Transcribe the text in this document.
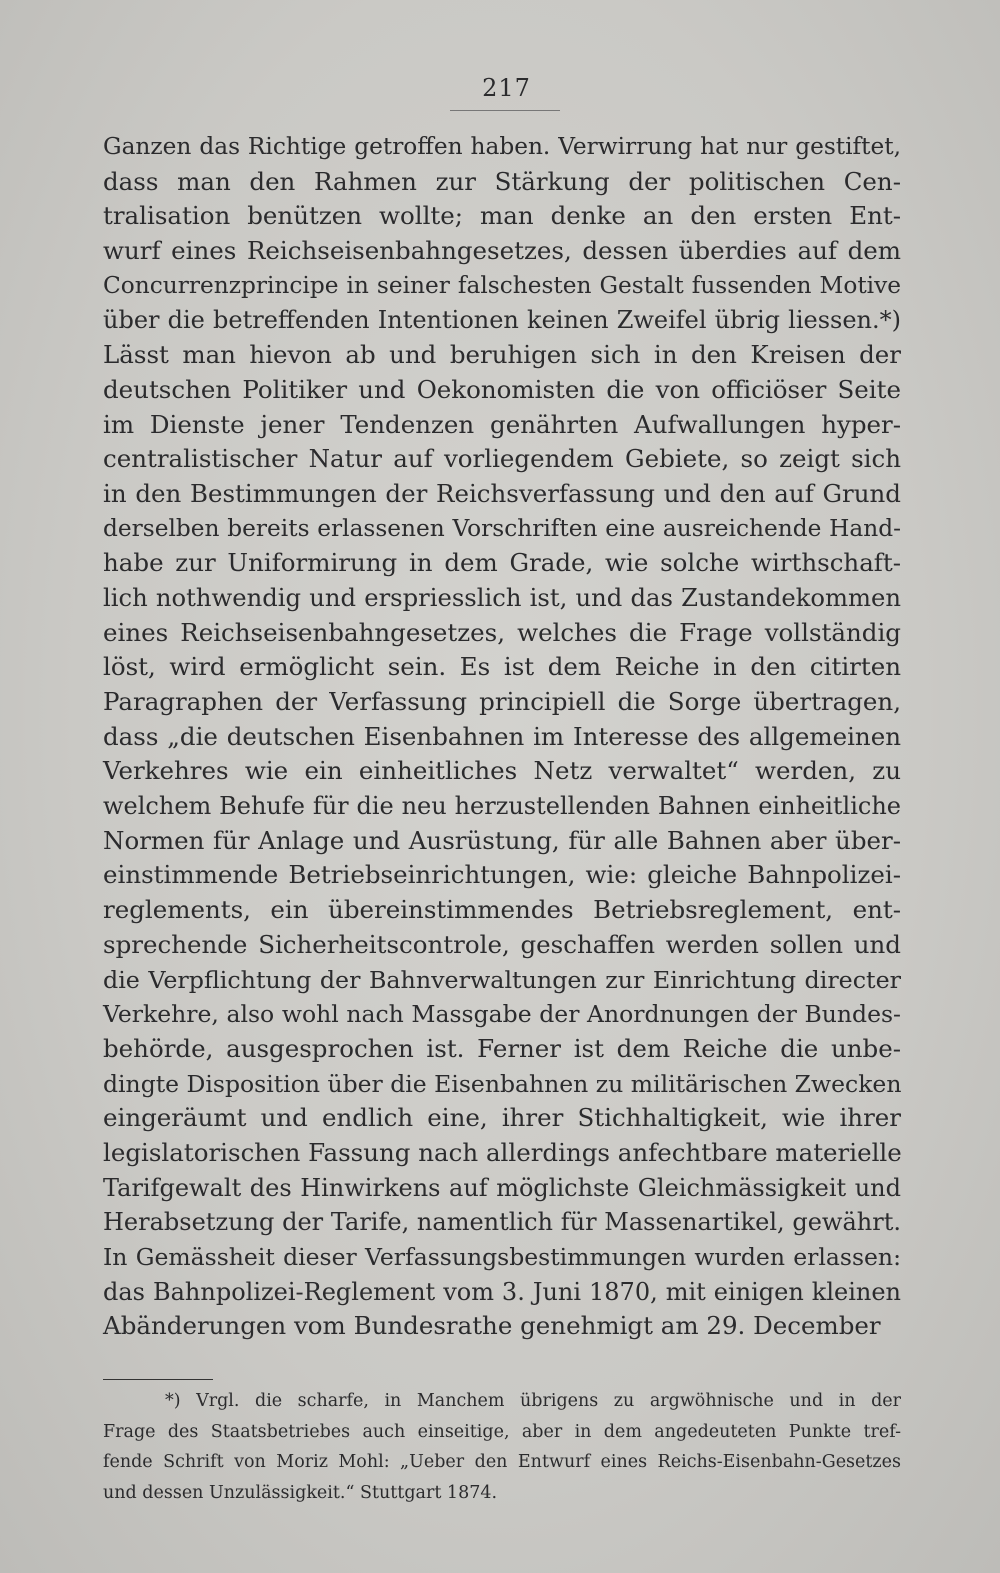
217
Ganzen das Richtige getroffen haben. Verwirrung hat nur gestiftet,
dass man den Rahmen zur Stärkung der politischen Cen-
tralisation benützen wollte; man denke an den ersten Ent-
wurf eines Reichseisenbahngesetzes, dessen überdies auf dem
Concurrenzprincipe in seiner falschesten Gestalt fussenden Motive
über die betreffenden Intentionen keinen Zweifel übrig liessen.*)
Lässt man hievon ab und beruhigen sich in den Kreisen der
deutschen Politiker und Oekonomisten die von officiöser Seite
im Dienste jener Tendenzen genährten Aufwallungen hyper-
centralistischer Natur auf vorliegendem Gebiete, so zeigt sich
in den Bestimmungen der Reichsverfassung und den auf Grund
derselben bereits erlassenen Vorschriften eine ausreichende Hand-
habe zur Uniformirung in dem Grade, wie solche wirthschaft-
lich nothwendig und erspriesslich ist, und das Zustandekommen
eines Reichseisenbahngesetzes, welches die Frage vollständig
löst, wird ermöglicht sein. Es ist dem Reiche in den citirten
Paragraphen der Verfassung principiell die Sorge übertragen,
dass „die deutschen Eisenbahnen im Interesse des allgemeinen
Verkehres wie ein einheitliches Netz verwaltet“ werden, zu
welchem Behufe für die neu herzustellenden Bahnen einheitliche
Normen für Anlage und Ausrüstung, für alle Bahnen aber über-
einstimmende Betriebseinrichtungen, wie: gleiche Bahnpolizei-
reglements, ein übereinstimmendes Betriebsreglement, ent-
sprechende Sicherheitscontrole, geschaffen werden sollen und
die Verpflichtung der Bahnverwaltungen zur Einrichtung directer
Verkehre, also wohl nach Massgabe der Anordnungen der Bundes-
behörde, ausgesprochen ist. Ferner ist dem Reiche die unbe-
dingte Disposition über die Eisenbahnen zu militärischen Zwecken
eingeräumt und endlich eine, ihrer Stichhaltigkeit, wie ihrer
legislatorischen Fassung nach allerdings anfechtbare materielle
Tarifgewalt des Hinwirkens auf möglichste Gleichmässigkeit und
Herabsetzung der Tarife, namentlich für Massenartikel, gewährt.
In Gemässheit dieser Verfassungsbestimmungen wurden erlassen:
das Bahnpolizei-Reglement vom 3. Juni 1870, mit einigen kleinen
Abänderungen vom Bundesrathe genehmigt am 29. December
*) Vrgl. die scharfe, in Manchem übrigens zu argwöhnische und in der
Frage des Staatsbetriebes auch einseitige, aber in dem angedeuteten Punkte tref-
fende Schrift von Moriz Mohl: „Ueber den Entwurf eines Reichs-Eisenbahn-Gesetzes
und dessen Unzulässigkeit.“ Stuttgart 1874.
